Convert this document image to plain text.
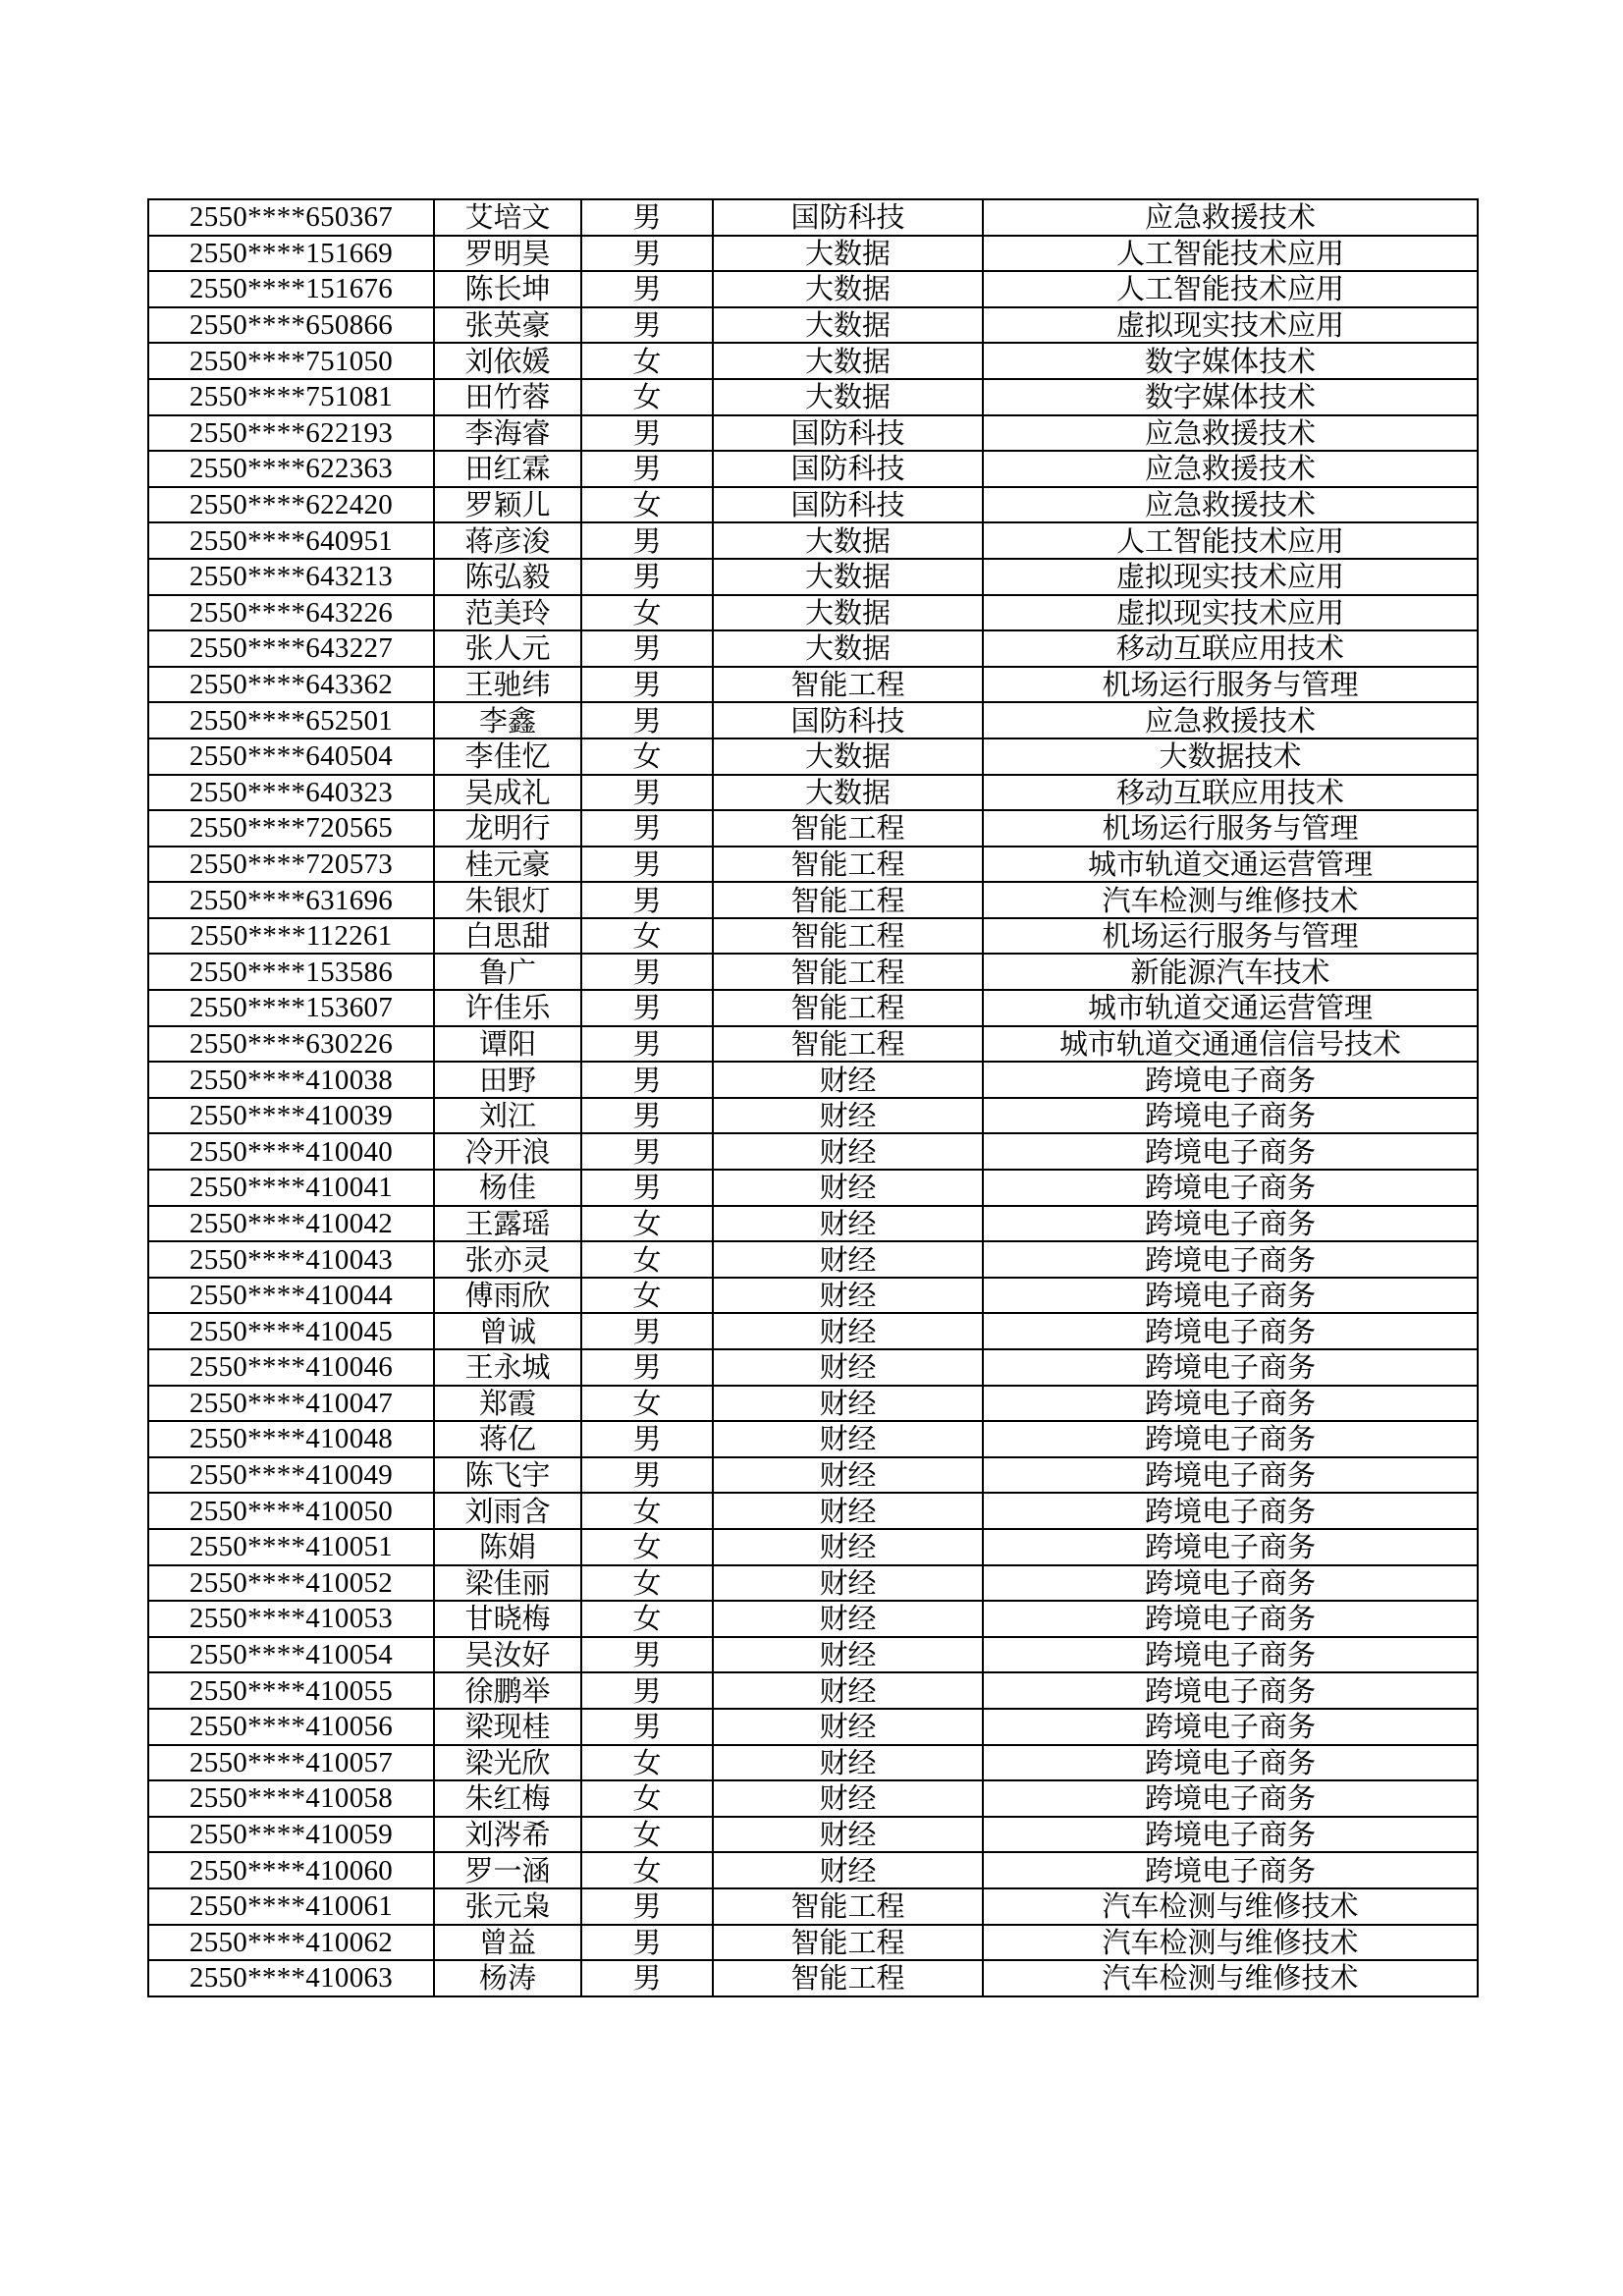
2550****650367	艾培文	男	国防科技	应急救援技术
2550****151669	罗明昊	男	大数据	人工智能技术应用
2550****151676	陈长坤	男	大数据	人工智能技术应用
2550****650866	张英豪	男	大数据	虚拟现实技术应用
2550****751050	刘依媛	女	大数据	数字媒体技术
2550****751081	田竹蓉	女	大数据	数字媒体技术
2550****622193	李海睿	男	国防科技	应急救援技术
2550****622363	田红霖	男	国防科技	应急救援技术
2550****622420	罗颖儿	女	国防科技	应急救援技术
2550****640951	蒋彦浚	男	大数据	人工智能技术应用
2550****643213	陈弘毅	男	大数据	虚拟现实技术应用
2550****643226	范美玲	女	大数据	虚拟现实技术应用
2550****643227	张人元	男	大数据	移动互联应用技术
2550****643362	王驰纬	男	智能工程	机场运行服务与管理
2550****652501	李鑫	男	国防科技	应急救援技术
2550****640504	李佳忆	女	大数据	大数据技术
2550****640323	吴成礼	男	大数据	移动互联应用技术
2550****720565	龙明行	男	智能工程	机场运行服务与管理
2550****720573	桂元豪	男	智能工程	城市轨道交通运营管理
2550****631696	朱银灯	男	智能工程	汽车检测与维修技术
2550****112261	白思甜	女	智能工程	机场运行服务与管理
2550****153586	鲁广	男	智能工程	新能源汽车技术
2550****153607	许佳乐	男	智能工程	城市轨道交通运营管理
2550****630226	谭阳	男	智能工程	城市轨道交通通信信号技术
2550****410038	田野	男	财经	跨境电子商务
2550****410039	刘江	男	财经	跨境电子商务
2550****410040	冷开浪	男	财经	跨境电子商务
2550****410041	杨佳	男	财经	跨境电子商务
2550****410042	王露瑶	女	财经	跨境电子商务
2550****410043	张亦灵	女	财经	跨境电子商务
2550****410044	傅雨欣	女	财经	跨境电子商务
2550****410045	曾诚	男	财经	跨境电子商务
2550****410046	王永城	男	财经	跨境电子商务
2550****410047	郑霞	女	财经	跨境电子商务
2550****410048	蒋亿	男	财经	跨境电子商务
2550****410049	陈飞宇	男	财经	跨境电子商务
2550****410050	刘雨含	女	财经	跨境电子商务
2550****410051	陈娟	女	财经	跨境电子商务
2550****410052	梁佳丽	女	财经	跨境电子商务
2550****410053	甘晓梅	女	财经	跨境电子商务
2550****410054	吴汝好	男	财经	跨境电子商务
2550****410055	徐鹏举	男	财经	跨境电子商务
2550****410056	梁现桂	男	财经	跨境电子商务
2550****410057	梁光欣	女	财经	跨境电子商务
2550****410058	朱红梅	女	财经	跨境电子商务
2550****410059	刘涔希	女	财经	跨境电子商务
2550****410060	罗一涵	女	财经	跨境电子商务
2550****410061	张元枭	男	智能工程	汽车检测与维修技术
2550****410062	曾益	男	智能工程	汽车检测与维修技术
2550****410063	杨涛	男	智能工程	汽车检测与维修技术
